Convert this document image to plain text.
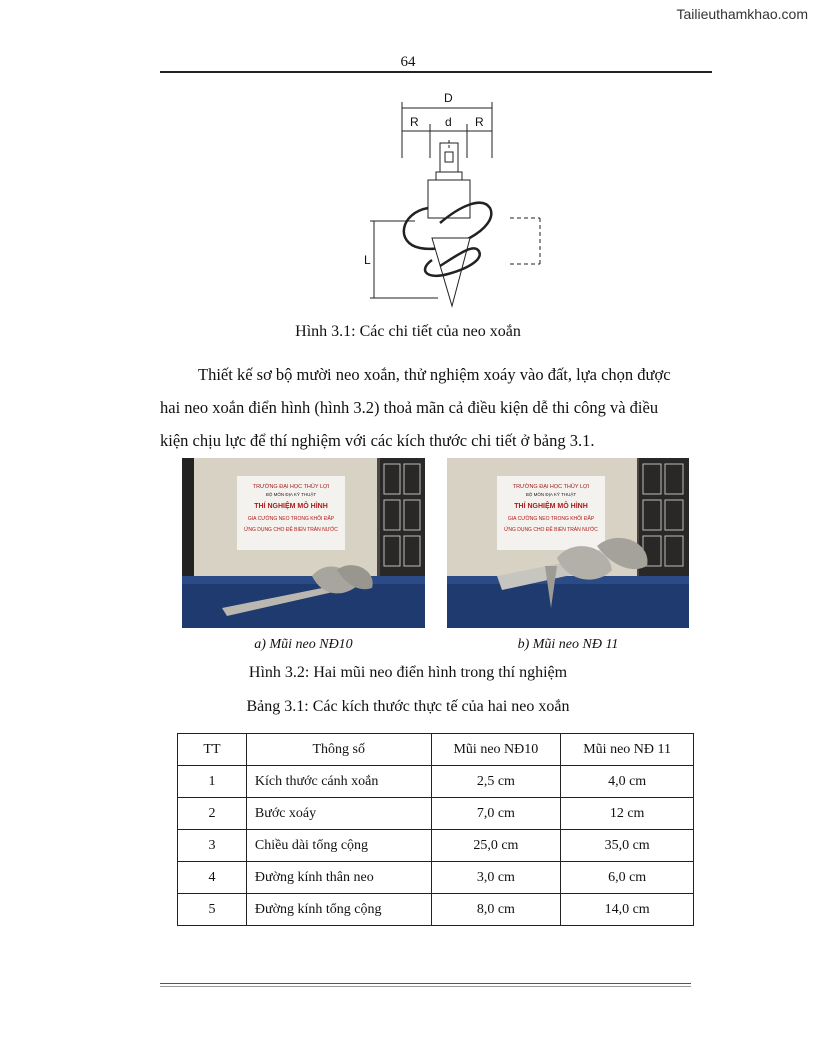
Tailieuthamkhao.com
64
D
R d R
L
Hình 3.1: Các chi tiết của neo xoắn
Thiết kế sơ bộ mười neo xoắn, thử nghiệm xoáy vào đất, lựa chọn được
hai neo xoắn điển hình (hình 3.2) thoả mãn cả điều kiện dễ thi công và điều
kiện chịu lực để thí nghiệm với các kích thước chi tiết ở bảng 3.1.
TRƯỜNG ĐẠI HỌC THỦY LỢI
BỘ MÔN ĐỊA KỸ THUẬT
THÍ NGHIỆM MÔ HÌNH
GIA CƯỜNG NEO TRONG KHỐI ĐẮP
ỨNG DỤNG CHO ĐÊ BIỂN TRÀN NƯỚC
TRƯỜNG ĐẠI HỌC THỦY LỢI
BỘ MÔN ĐỊA KỸ THUẬT
THÍ NGHIỆM MÔ HÌNH
GIA CƯỜNG NEO TRONG KHỐI ĐẮP
ỨNG DỤNG CHO ĐÊ BIỂN TRÀN NƯỚC
a) Mũi neo NĐ10	b) Mũi neo NĐ 11
Hình 3.2: Hai mũi neo điển hình trong thí nghiệm
Bảng 3.1: Các kích thước thực tế của hai neo xoắn
TT	Thông số	Mũi neo NĐ10	Mũi neo NĐ 11
1	Kích thước cánh xoắn	2,5 cm	4,0 cm
2	Bước xoáy	7,0 cm	12 cm
3	Chiều dài tổng cộng	25,0 cm	35,0 cm
4	Đường kính thân neo	3,0 cm	6,0 cm
5	Đường kính tổng cộng	8,0 cm	14,0 cm
